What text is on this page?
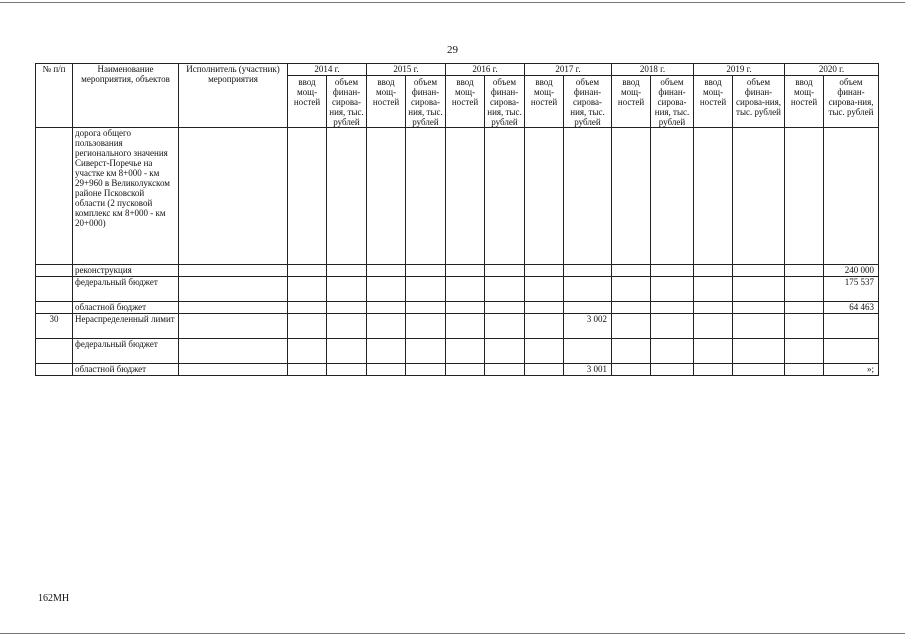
29
№ п/п	Наименование мероприятия, объектов	Исполнитель (участник) мероприятия	2014 г.		2015 г.		2016 г.		2017 г.		2018 г.		2019 г.		2020 г.	
			ввод мощ-ностей	объем финан-сирова-ния, тыс. рублей	ввод мощ-ностей	объем финан-сирова-ния, тыс. рублей	ввод мощ-ностей	объем финан-сирова-ния, тыс. рублей	ввод мощ-ностей	объем финан-сирова-ния, тыс. рублей	ввод мощ-ностей	объем финан-сирова-ния, тыс. рублей	ввод мощ-ностей	объем финан-сирова-ния, тыс. рублей	ввод мощ-ностей	объем финан-сирова-ния, тыс. рублей
	дорога общего пользования регионального значения Сиверст-Поречье на участке км 8+000 - км 29+960 в Великолукском районе Псковской области (2 пусковой комплекс км 8+000 - км 20+000)															
	реконструкция															240 000
	федеральный бюджет															175 537
	областной бюджет															64 463
30	Нераспределенный лимит									3 002						
	федеральный бюджет															
	областной бюджет									3 001						»;
162МН
